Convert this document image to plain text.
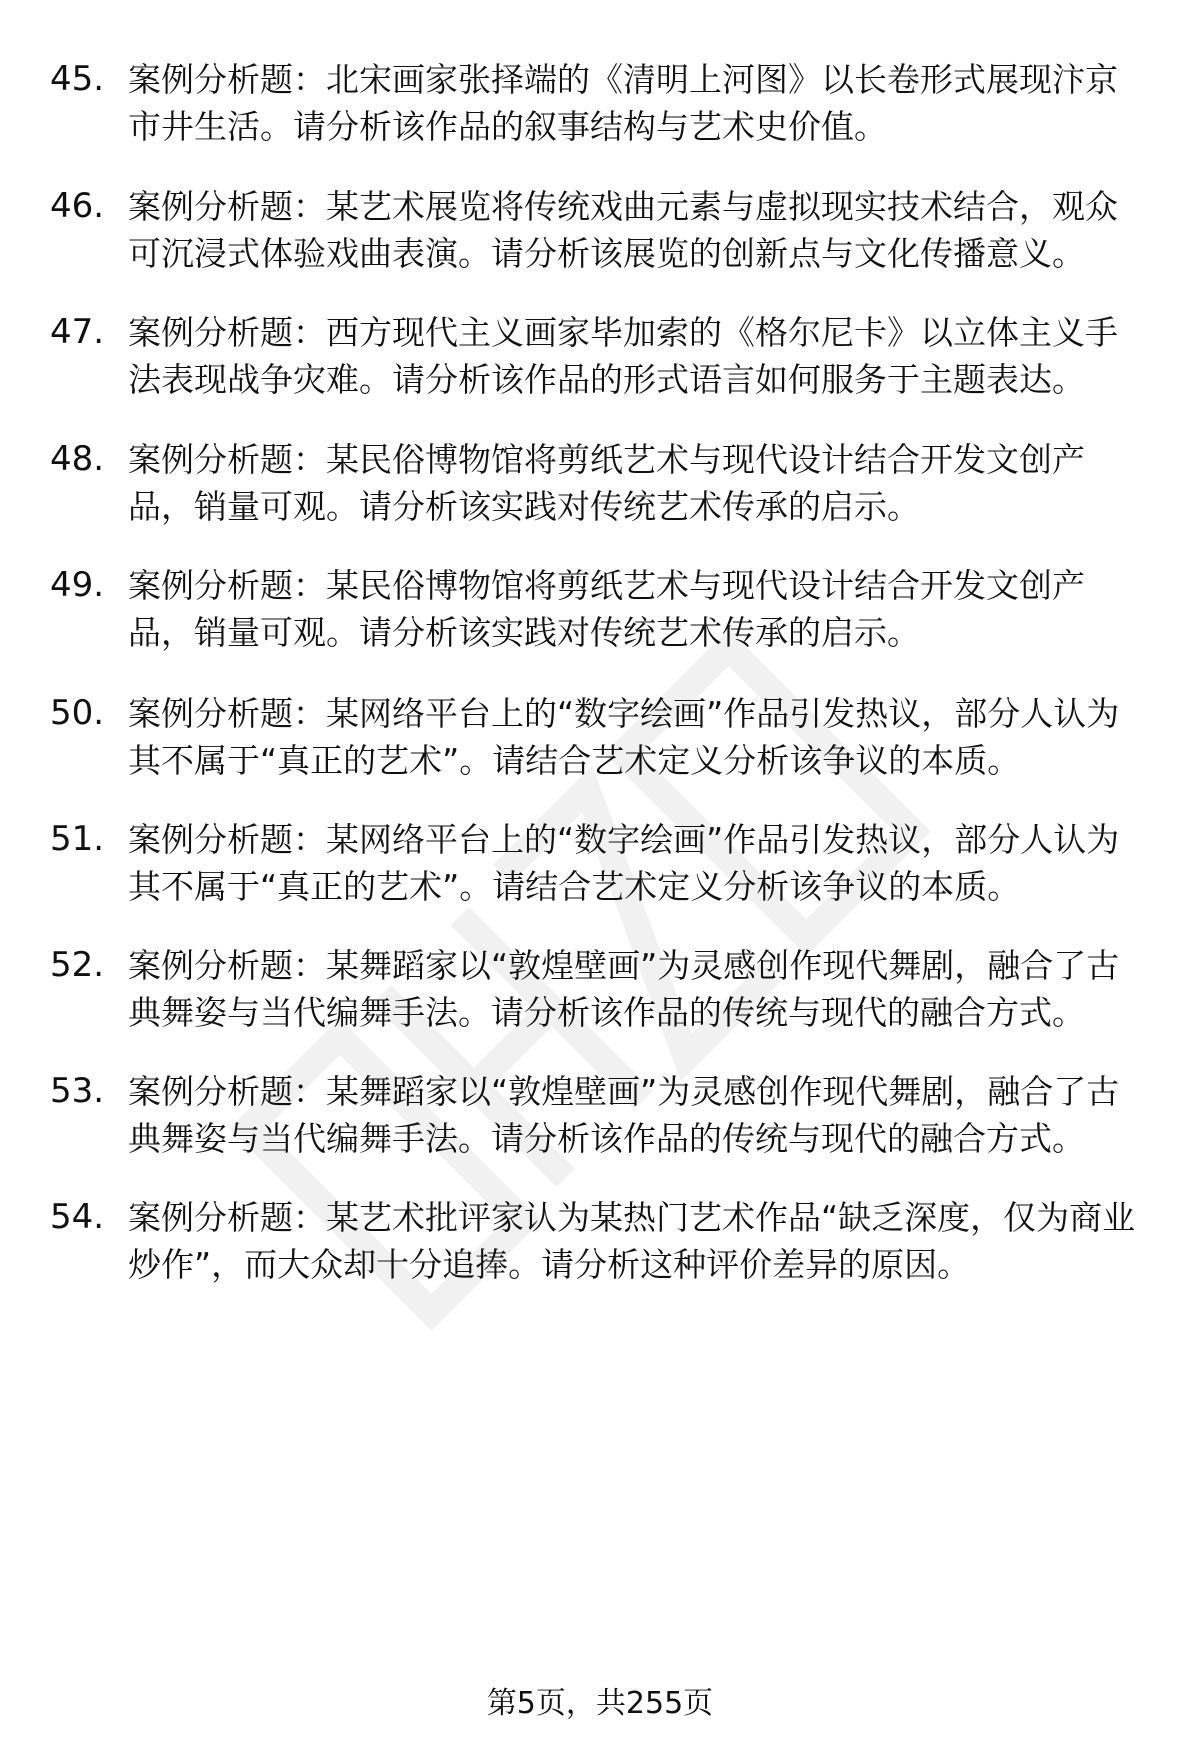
45. 案例分析题：北宋画家张择端的《清明上河图》以长卷形式展现汴京市井生活。请分析该作品的叙事结构与艺术史价值。
46. 案例分析题：某艺术展览将传统戏曲元素与虚拟现实技术结合，观众可沉浸式体验戏曲表演。请分析该展览的创新点与文化传播意义。
47. 案例分析题：西方现代主义画家毕加索的《格尔尼卡》以立体主义手法表现战争灾难。请分析该作品的形式语言如何服务于主题表达。
48. 案例分析题：某民俗博物馆将剪纸艺术与现代设计结合开发文创产品，销量可观。请分析该实践对传统艺术传承的启示。
49. 案例分析题：某民俗博物馆将剪纸艺术与现代设计结合开发文创产品，销量可观。请分析该实践对传统艺术传承的启示。
50. 案例分析题：某网络平台上的“数字绘画”作品引发热议，部分人认为其不属于“真正的艺术”。请结合艺术定义分析该争议的本质。
51. 案例分析题：某网络平台上的“数字绘画”作品引发热议，部分人认为其不属于“真正的艺术”。请结合艺术定义分析该争议的本质。
52. 案例分析题：某舞蹈家以“敦煌壁画”为灵感创作现代舞剧，融合了古典舞姿与当代编舞手法。请分析该作品的传统与现代的融合方式。
53. 案例分析题：某舞蹈家以“敦煌壁画”为灵感创作现代舞剧，融合了古典舞姿与当代编舞手法。请分析该作品的传统与现代的融合方式。
54. 案例分析题：某艺术批评家认为某热门艺术作品“缺乏深度，仅为商业炒作”，而大众却十分追捧。请分析这种评价差异的原因。
第5页，共255页
